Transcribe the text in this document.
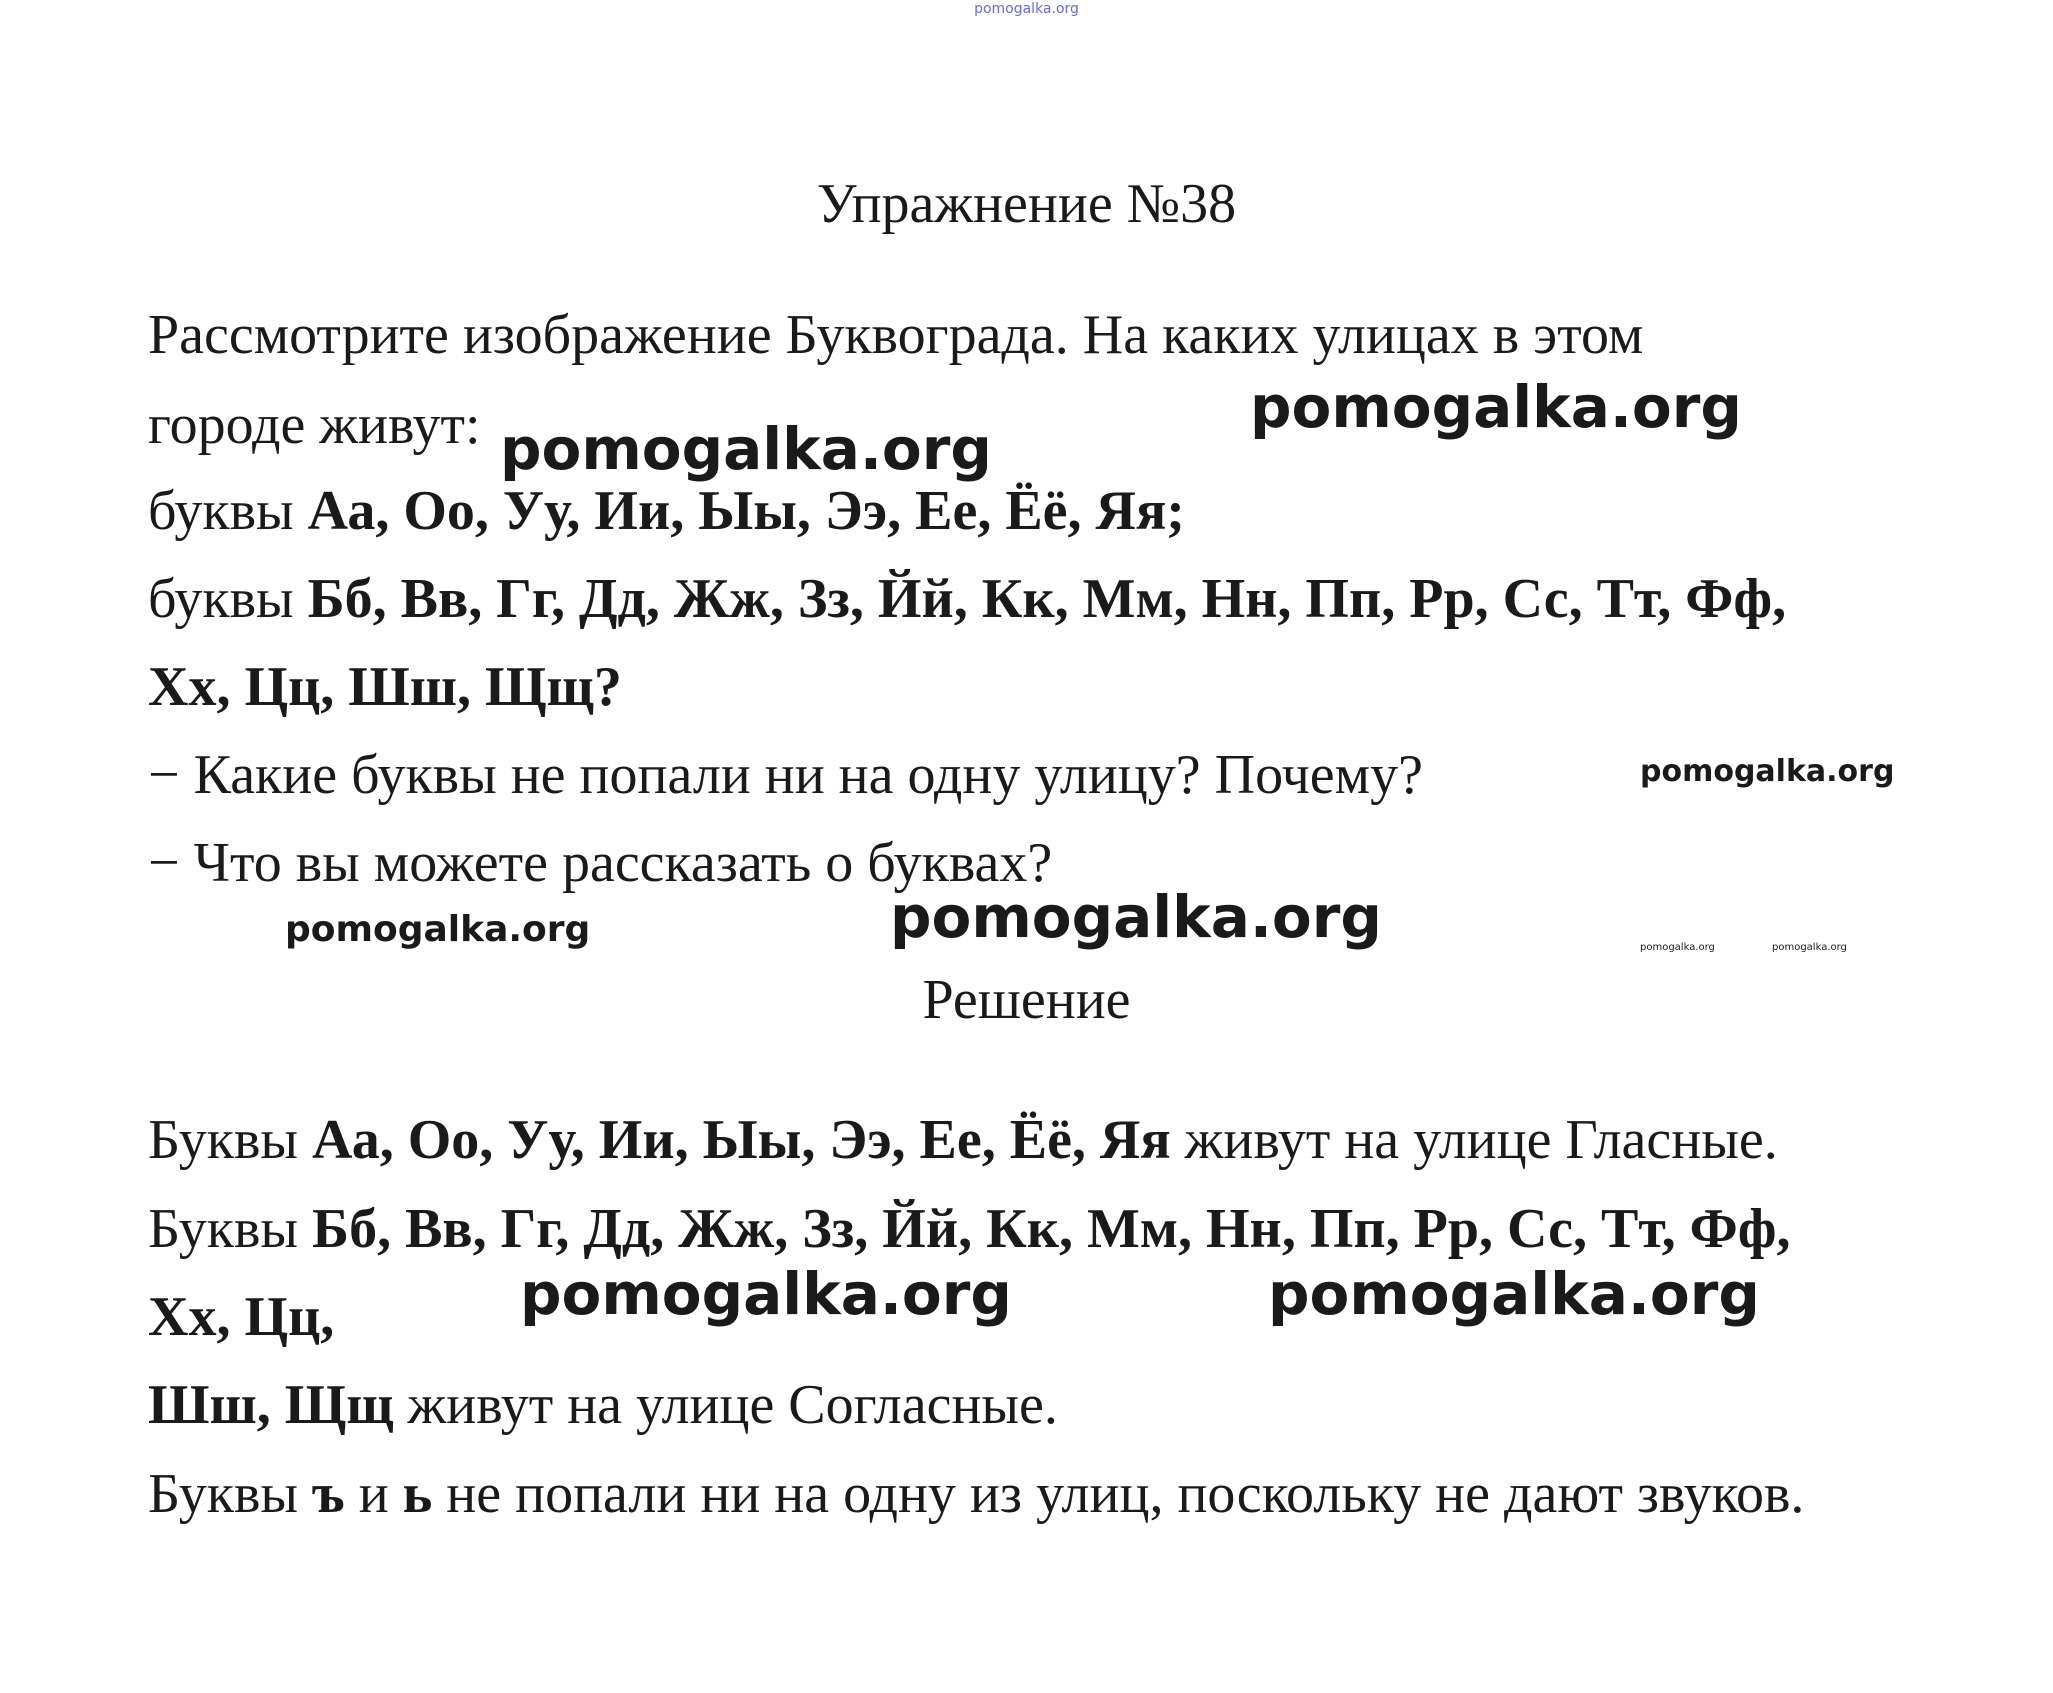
pomogalka.org
Упражнение №38
Рассмотрите изображение Буквограда. На каких улицах в этом
городе живут:
буквы Аа, Оо, Уу, Ии, Ыы, Ээ, Ее, Ёё, Яя;
буквы Бб, Вв, Гг, Дд, Жж, Зз, Йй, Кк, Мм, Нн, Пп, Рр, Сс, Тт, Фф,
Хх, Цц, Шш, Щщ?
− Какие буквы не попали ни на одну улицу? Почему?
− Что вы можете рассказать о буквах?
Решение
Буквы Аа, Оо, Уу, Ии, Ыы, Ээ, Ее, Ёё, Яя живут на улице Гласные.
Буквы Бб, Вв, Гг, Дд, Жж, Зз, Йй, Кк, Мм, Нн, Пп, Рр, Сс, Тт, Фф,
Хх, Цц,
Шш, Щщ живут на улице Согласные.
Буквы ъ и ь не попали ни на одну из улиц, поскольку не дают звуков.
pomogalka.org
pomogalka.org
pomogalka.org
pomogalka.org	pomogalka.org	pomogalka.org	pomogalka.org
pomogalka.org	pomogalka.org
